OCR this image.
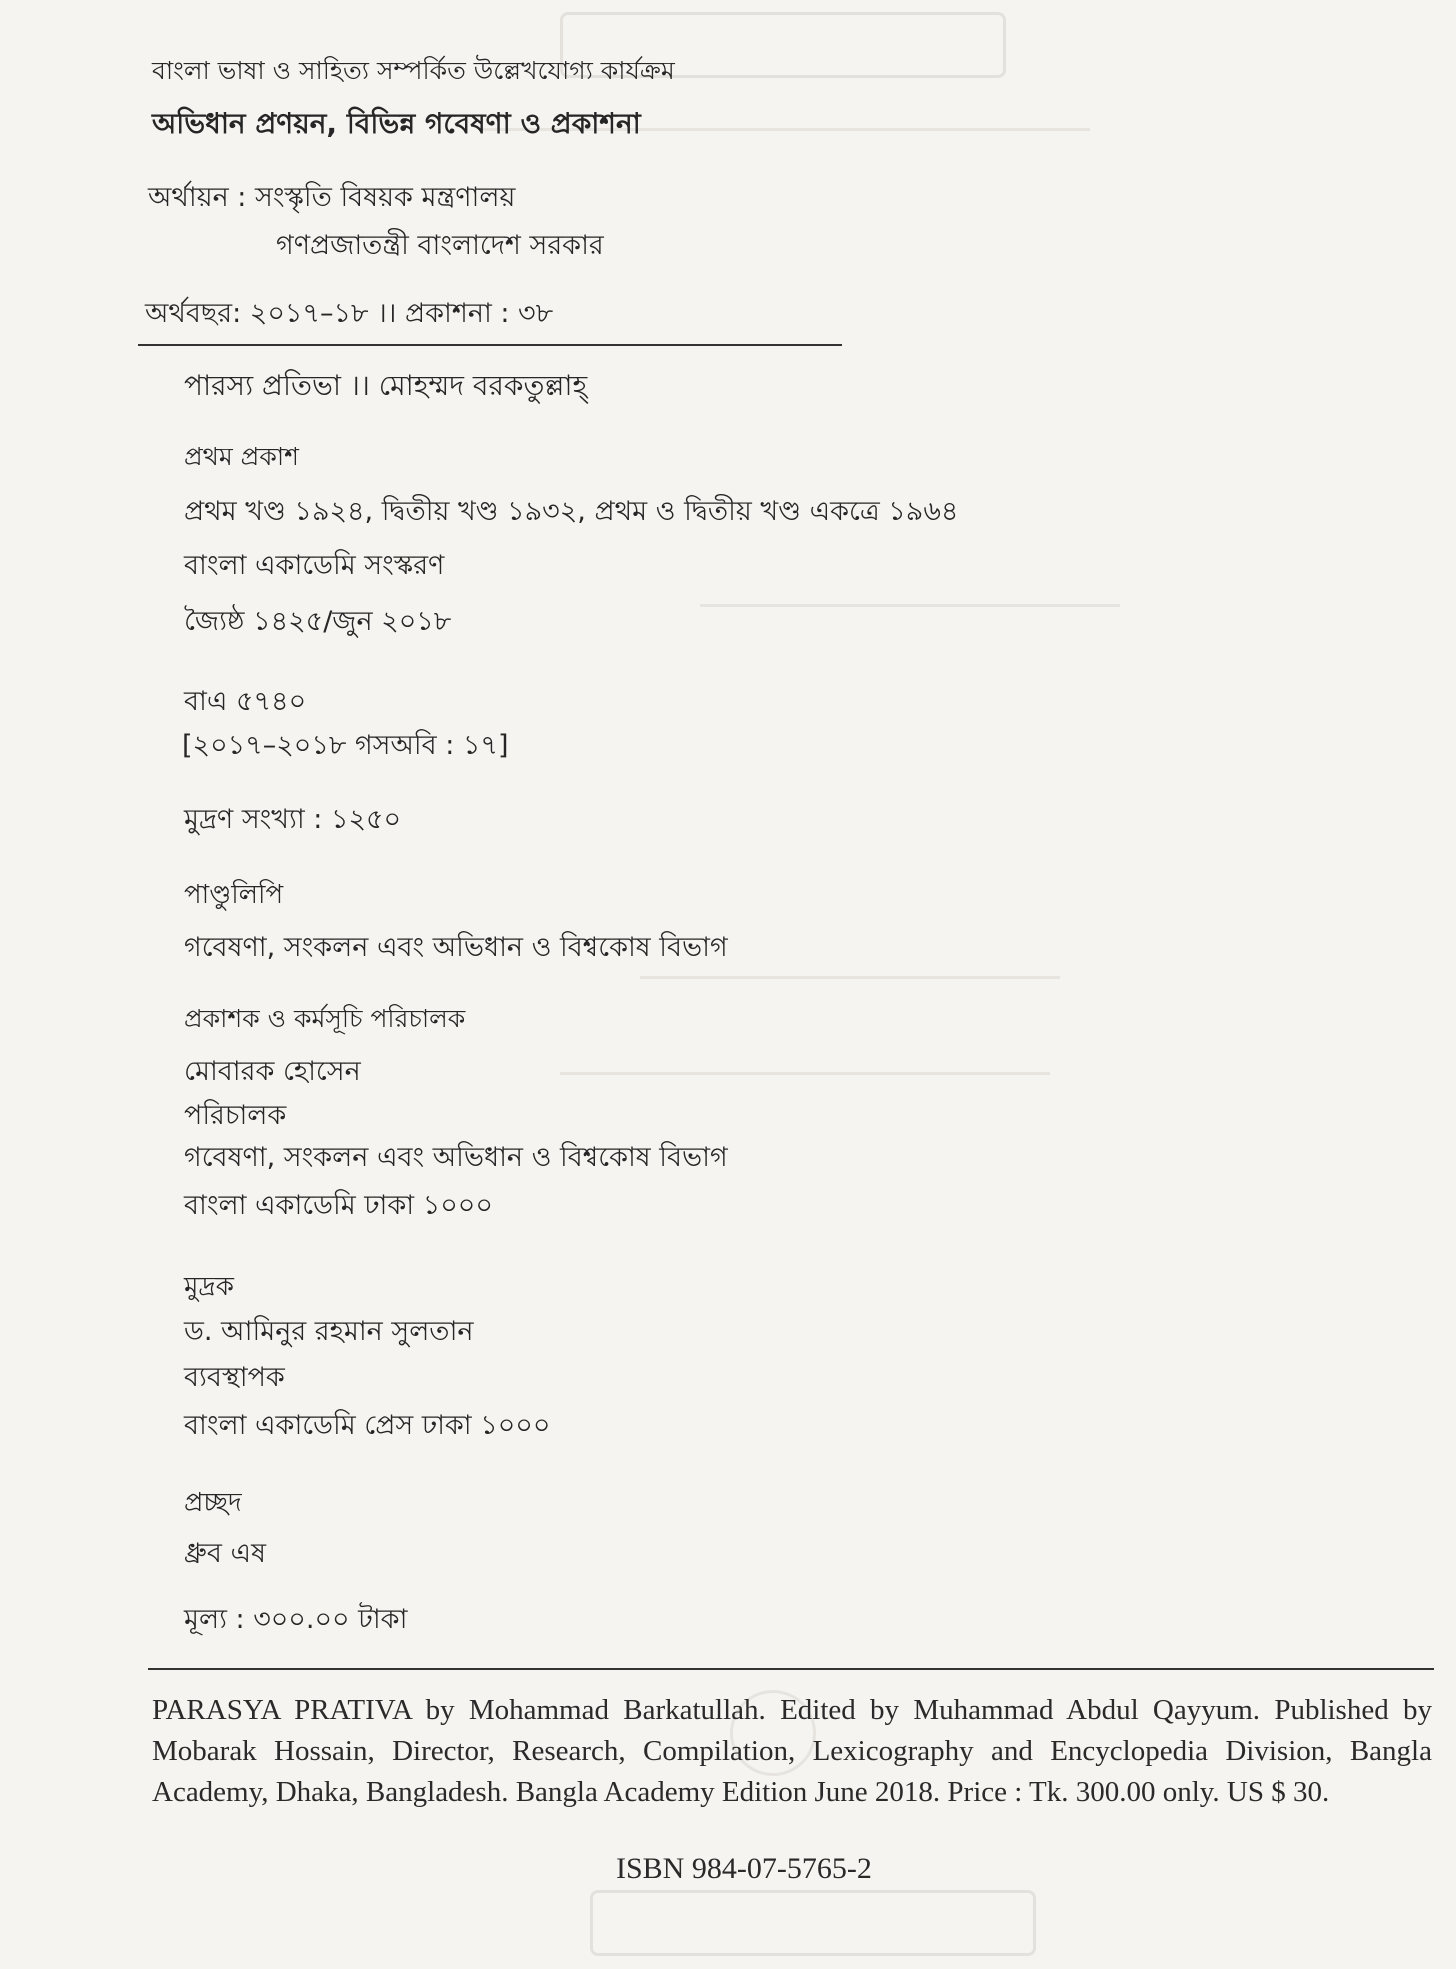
বাংলা ভাষা ও সাহিত্য সম্পর্কিত উল্লেখযোগ্য কার্যক্রম
অভিধান প্রণয়ন, বিভিন্ন গবেষণা ও প্রকাশনা
অর্থায়ন : সংস্কৃতি বিষয়ক মন্ত্রণালয়
গণপ্রজাতন্ত্রী বাংলাদেশ সরকার
অর্থবছর: ২০১৭–১৮ ।। প্রকাশনা : ৩৮
পারস্য প্রতিভা ।। মোহম্মদ বরকতুল্লাহ্
প্রথম প্রকাশ
প্রথম খণ্ড ১৯২৪, দ্বিতীয় খণ্ড ১৯৩২, প্রথম ও দ্বিতীয় খণ্ড একত্রে ১৯৬৪
বাংলা একাডেমি সংস্করণ
জ্যৈষ্ঠ ১৪২৫/জুন ২০১৮
বাএ ৫৭৪০
[২০১৭–২০১৮ গসঅবি : ১৭]
মুদ্রণ সংখ্যা : ১২৫০
পাণ্ডুলিপি
গবেষণা, সংকলন এবং অভিধান ও বিশ্বকোষ বিভাগ
প্রকাশক ও কর্মসূচি পরিচালক
মোবারক হোসেন
পরিচালক
গবেষণা, সংকলন এবং অভিধান ও বিশ্বকোষ বিভাগ
বাংলা একাডেমি ঢাকা ১০০০
মুদ্রক
ড. আমিনুর রহমান সুলতান
ব্যবস্থাপক
বাংলা একাডেমি প্রেস ঢাকা ১০০০
প্রচ্ছদ
ধ্রুব এষ
মূল্য : ৩০০.০০ টাকা
PARASYA PRATIVA by Mohammad Barkatullah. Edited by Muhammad Abdul Qayyum. Published by Mobarak Hossain, Director, Research, Compilation, Lexicography and Encyclopedia Division, Bangla Academy, Dhaka, Bangladesh. Bangla Academy Edition June 2018. Price : Tk. 300.00 only. US $ 30.
ISBN 984-07-5765-2
